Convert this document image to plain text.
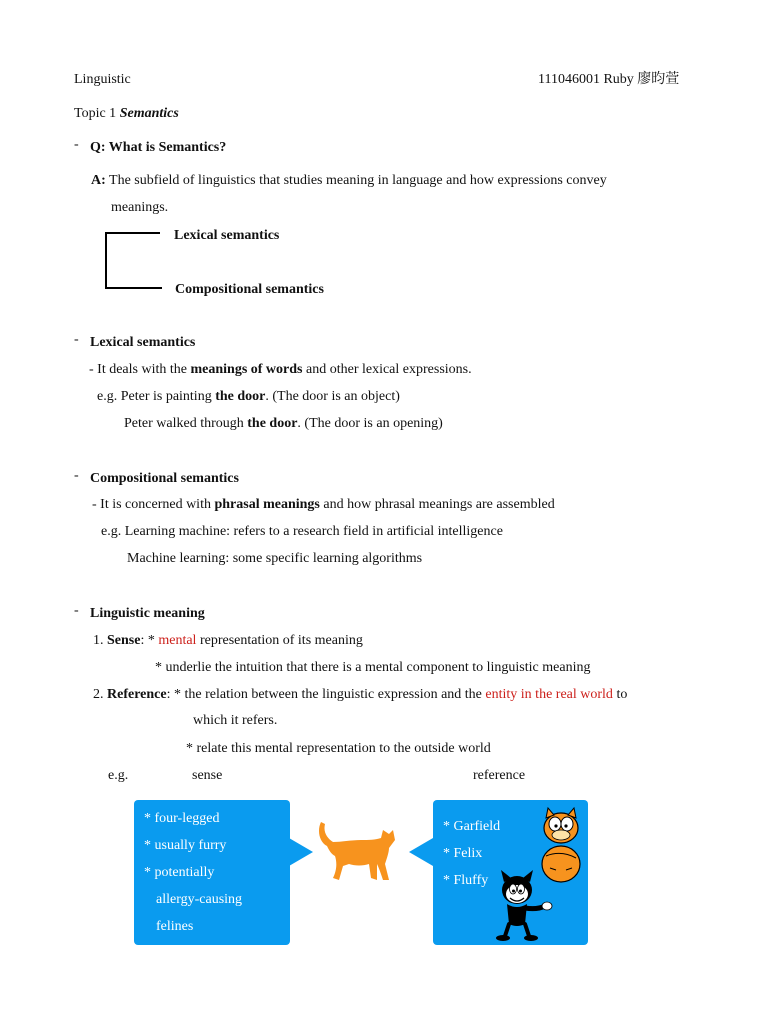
Linguistic	111046001 Ruby 廖昀萱
Topic 1 Semantics
- Q: What is Semantics?
A: The subfield of linguistics that studies meaning in language and how expressions convey
meanings.
Lexical semantics
Compositional semantics
- Lexical semantics
- It deals with the meanings of words and other lexical expressions.
e.g. Peter is painting the door. (The door is an object)
Peter walked through the door. (The door is an opening)
- Compositional semantics
- It is concerned with phrasal meanings and how phrasal meanings are assembled
e.g. Learning machine: refers to a research field in artificial intelligence
Machine learning: some specific learning algorithms
- Linguistic meaning
1. Sense: * mental representation of its meaning
* underlie the intuition that there is a mental component to linguistic meaning
2. Reference: * the relation between the linguistic expression and the entity in the real world to
which it refers.
* relate this mental representation to the outside world
e.g.	sense	reference
* four-legged
* usually furry
* potentially
allergy-causing
felines
* Garfield
* Felix
* Fluffy
